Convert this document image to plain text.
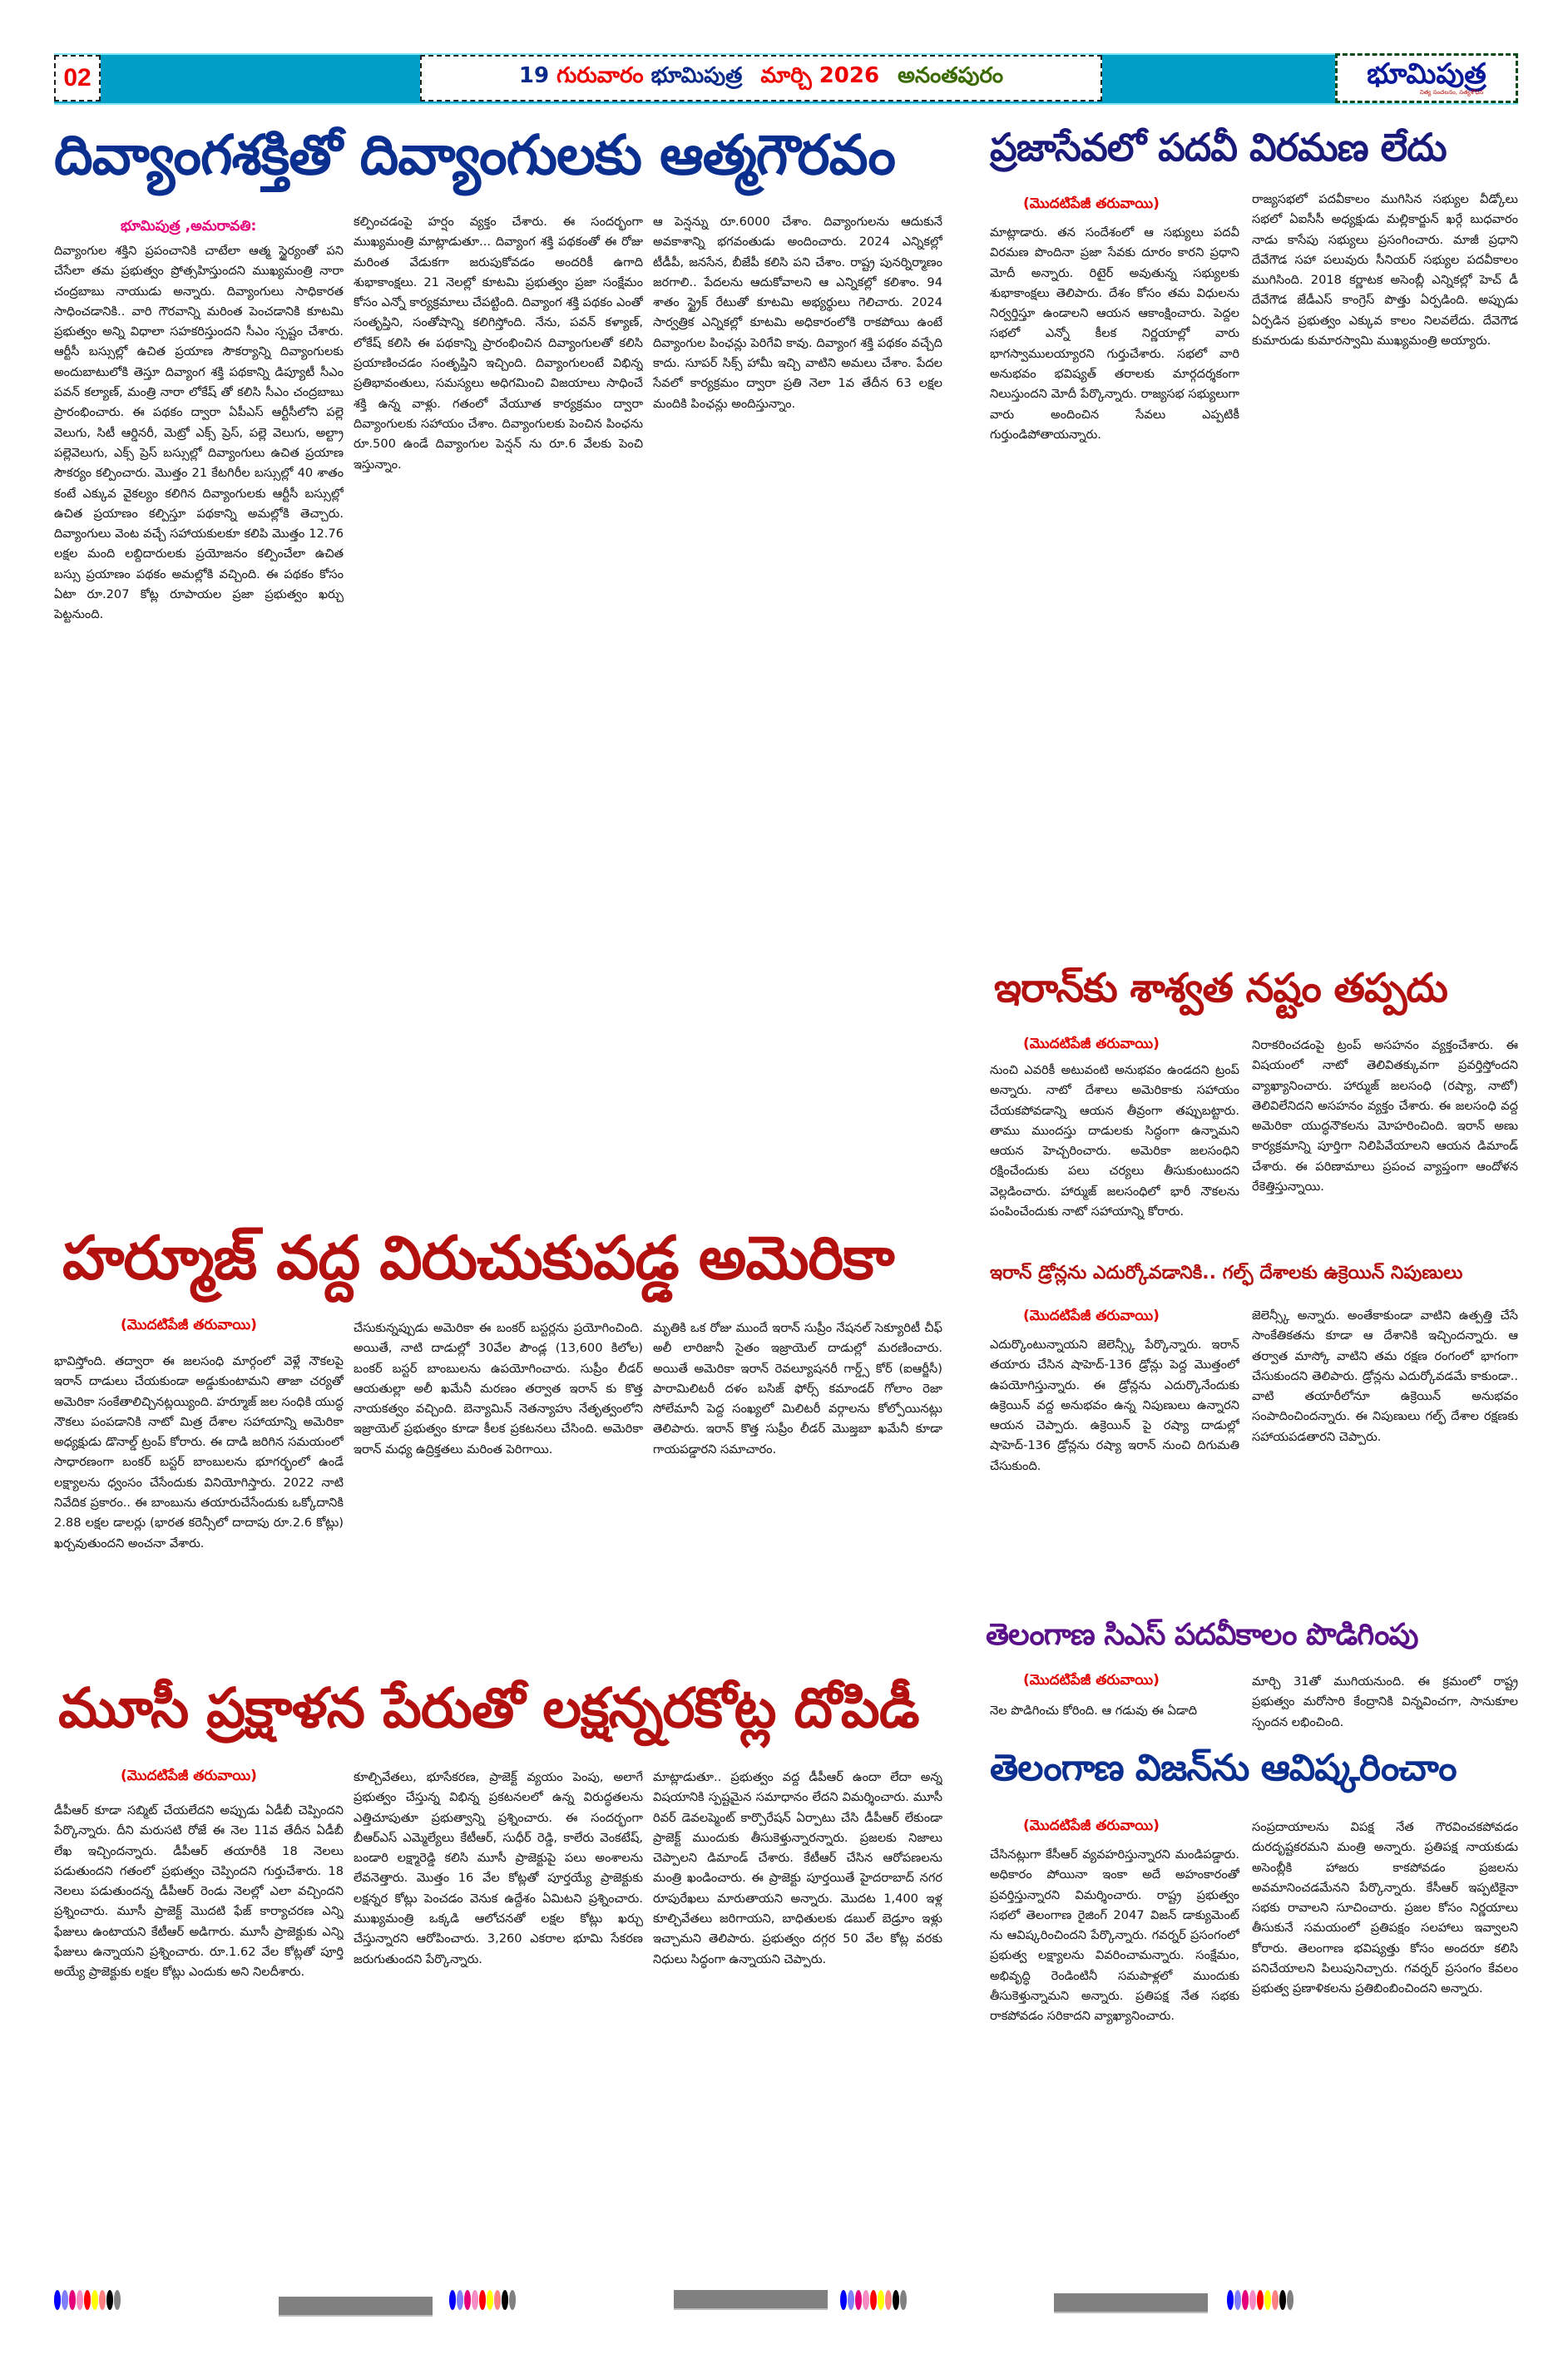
02	19 గురువారం భూమిపుత్ర మార్చి 2026 అనంతపురం	భూమిపుత్ర
నిత్య సంచలనం, సత్యశోధన
దివ్యాంగశక్తితో దివ్యాంగులకు ఆత్మగౌరవం
భూమిపుత్ర ,అమరావతి:

దివ్యాంగుల శక్తిని ప్రపంచానికి చాటేలా ఆత్మ స్థైర్యంతో పని చేసేలా తమ ప్రభుత్వం ప్రోత్సహిస్తుందని ముఖ్యమంత్రి నారా చంద్రబాబు నాయుడు అన్నారు. దివ్యాంగులు సాధికారత సాధించడానికి.. వారి గౌరవాన్ని మరింత పెంచడానికి కూటమి ప్రభుత్వం అన్ని విధాలా సహకరిస్తుందని సీఎం స్పష్టం చేశారు. ఆర్టీసీ బస్సుల్లో ఉచిత ప్రయాణ సౌకర్యాన్ని దివ్యాంగులకు అందుబాటులోకి తెస్తూ దివ్యాంగ శక్తి పథకాన్ని డిప్యూటీ సీఎం పవన్ కల్యాణ్, మంత్రి నారా లోకేష్ తో కలిసి సీఎం చంద్రబాబు ప్రారంభించారు. ఈ పథకం ద్వారా ఏపీఎస్ ఆర్టీసీలోని పల్లె వెలుగు, సిటీ ఆర్డినరీ, మెట్రో ఎక్స్ ప్రెస్, పల్లె వెలుగు, అల్ట్రా పల్లెవెలుగు, ఎక్స్ ప్రెస్ బస్సుల్లో దివ్యాంగులు ఉచిత ప్రయాణ సౌకర్యం కల్పించారు. మొత్తం 21 కేటగిరీల బస్సుల్లో 40 శాతం కంటే ఎక్కువ వైకల్యం కలిగిన దివ్యాంగులకు ఆర్టీసీ బస్సుల్లో ఉచిత ప్రయాణం కల్పిస్తూ పథకాన్ని అమల్లోకి తెచ్చారు. దివ్యాంగులు వెంట వచ్చే సహాయకులకూ కలిపి మొత్తం 12.76 లక్షల మంది లబ్దిదారులకు ప్రయోజనం కల్పించేలా ఉచిత బస్సు ప్రయాణం పథకం అమల్లోకి వచ్చింది. ఈ పథకం కోసం ఏటా రూ.207 కోట్ల రూపాయల ప్రజా ప్రభుత్వం ఖర్చు పెట్టనుంది.

కల్పించడంపై హర్షం వ్యక్తం చేశారు. ఈ సందర్భంగా ముఖ్యమంత్రి మాట్లాడుతూ... దివ్యాంగ శక్తి పథకంతో ఈ రోజు మరింత వేడుకగా జరుపుకోవడం అందరికీ ఉగాది శుభాకాంక్షలు. 21 నెలల్లో కూటమి ప్రభుత్వం ప్రజా సంక్షేమం కోసం ఎన్నో కార్యక్రమాలు చేపట్టింది. దివ్యాంగ శక్తి పథకం ఎంతో సంతృప్తిని, సంతోషాన్ని కలిగిస్తోంది. నేను, పవన్ కళ్యాణ్, లోకేష్ కలిసి ఈ పథకాన్ని ప్రారంభించిన దివ్యాంగులతో కలిసి ప్రయాణించడం సంతృప్తిని ఇచ్చింది. దివ్యాంగులంటే విభిన్న ప్రతిభావంతులు, సమస్యలు అధిగమించి విజయాలు సాధించే శక్తి ఉన్న వాళ్లు. గతంలో వేయూత కార్యక్రమం ద్వారా దివ్యాంగులకు సహాయం చేశాం. దివ్యాంగులకు పెంచిన పింఛను రూ.500 ఉండే దివ్యాంగుల పెన్షన్ ను రూ.6 వేలకు పెంచి ఇస్తున్నాం.

ఆ పెన్షన్ను రూ.6000 చేశాం. దివ్యాంగులను ఆదుకునే అవకాశాన్ని భగవంతుడు అందించారు. 2024 ఎన్నికల్లో టీడీపీ, జనసేన, బీజేపీ కలిసి పని చేశాం. రాష్ట్ర పునర్నిర్మాణం జరగాలి.. పేదలను ఆదుకోవాలని ఆ ఎన్నికల్లో కలిశాం. 94 శాతం స్ట్రైక్ రేటుతో కూటమి అభ్యర్థులు గెలిచారు. 2024 సార్వత్రిక ఎన్నికల్లో కూటమి అధికారంలోకి రాకపోయి ఉంటే దివ్యాంగుల పింఛన్లు పెరిగేవి కావు. దివ్యాంగ శక్తి పథకం వచ్చేది కాదు. సూపర్ సిక్స్ హామీ ఇచ్చి వాటిని అమలు చేశాం. పేదల సేవలో కార్యక్రమం ద్వారా ప్రతి నెలా 1వ తేదీన 63 లక్షల మందికి పింఛన్లు అందిస్తున్నాం.

ప్రజాసేవలో పదవీ విరమణ లేదు
(మొదటిపేజీ తరువాయి)

మాట్లాడారు. తన సందేశంలో ఆ సభ్యులు పదవీ విరమణ పొందినా ప్రజా సేవకు దూరం కారని ప్రధాని మోదీ అన్నారు. రిటైర్ అవుతున్న సభ్యులకు శుభాకాంక్షలు తెలిపారు. దేశం కోసం తమ విధులను నిర్వర్తిస్తూ ఉండాలని ఆయన ఆకాంక్షించారు. పెద్దల సభలో ఎన్నో కీలక నిర్ణయాల్లో వారు భాగస్వాములయ్యారని గుర్తుచేశారు. సభలో వారి అనుభవం భవిష్యత్ తరాలకు మార్గదర్శకంగా నిలుస్తుందని మోదీ పేర్కొన్నారు. రాజ్యసభ సభ్యులుగా వారు అందించిన సేవలు ఎప్పటికీ గుర్తుండిపోతాయన్నారు.

రాజ్యసభలో పదవీకాలం ముగిసిన సభ్యుల వీడ్కోలు సభలో ఏఐసీసీ అధ్యక్షుడు మల్లికార్జున్ ఖర్గే బుధవారం నాడు కాసేపు సభ్యులు ప్రసంగించారు. మాజీ ప్రధాని దేవేగౌడ సహా పలువురు సీనియర్ సభ్యుల పదవీకాలం ముగిసింది. 2018 కర్ణాటక అసెంబ్లీ ఎన్నికల్లో హెచ్ డీ దేవేగౌడ జేడీఎస్ కాంగ్రెస్ పొత్తు ఏర్పడింది. అప్పుడు ఏర్పడిన ప్రభుత్వం ఎక్కువ కాలం నిలవలేదు. దేవెగౌడ కుమారుడు కుమారస్వామి ముఖ్యమంత్రి అయ్యారు.

ఇరాన్‌కు శాశ్వత నష్టం తప్పదు
(మొదటిపేజీ తరువాయి)

నుంచి ఎవరికీ అటువంటి అనుభవం ఉండదని ట్రంప్ అన్నారు. నాటో దేశాలు అమెరికాకు సహాయం చేయకపోవడాన్ని ఆయన తీవ్రంగా తప్పుబట్టారు. తాము ముందస్తు దాడులకు సిద్ధంగా ఉన్నామని ఆయన హెచ్చరించారు. అమెరికా జలసంధిని రక్షించేందుకు పలు చర్యలు తీసుకుంటుందని వెల్లడించారు. హార్ముజ్ జలసంధిలో భారీ నౌకలను పంపించేందుకు నాటో సహాయాన్ని కోరారు.

నిరాకరించడంపై ట్రంప్ అసహనం వ్యక్తంచేశారు. ఈ విషయంలో నాటో తెలివితక్కువగా ప్రవర్తిస్తోందని వ్యాఖ్యానించారు. హార్ముజ్ జలసంధి (రష్యా, నాటో) తెలివిలేనిదని అసహనం వ్యక్తం చేశారు. ఈ జలసంధి వద్ద అమెరికా యుద్ధనౌకలను మోహరించింది. ఇరాన్ అణు కార్యక్రమాన్ని పూర్తిగా నిలిపివేయాలని ఆయన డిమాండ్ చేశారు. ఈ పరిణామాలు ప్రపంచ వ్యాప్తంగా ఆందోళన రేకెత్తిస్తున్నాయి.

ఇరాన్ డ్రోన్లను ఎదుర్కోవడానికి.. గల్ఫ్ దేశాలకు ఉక్రెయిన్ నిపుణులు
(మొదటిపేజీ తరువాయి)

ఎదుర్కొంటున్నాయని జెలెన్స్కీ పేర్కొన్నారు. ఇరాన్ తయారు చేసిన షాహెద్-136 డ్రోన్లు పెద్ద మొత్తంలో ఉపయోగిస్తున్నారు. ఈ డ్రోన్లను ఎదుర్కొనేందుకు ఉక్రెయిన్ వద్ద అనుభవం ఉన్న నిపుణులు ఉన్నారని ఆయన చెప్పారు. ఉక్రెయిన్ పై రష్యా దాడుల్లో షాహెద్-136 డ్రోన్లను రష్యా ఇరాన్ నుంచి దిగుమతి చేసుకుంది.

జెలెన్స్కీ అన్నారు. అంతేకాకుండా వాటిని ఉత్పత్తి చేసే సాంకేతికతను కూడా ఆ దేశానికి ఇచ్చిందన్నారు. ఆ తర్వాత మాస్కో వాటిని తమ రక్షణ రంగంలో భాగంగా చేసుకుందని తెలిపారు. డ్రోన్లను ఎదుర్కోవడమే కాకుండా.. వాటి తయారీలోనూ ఉక్రెయిన్ అనుభవం సంపాదించిందన్నారు. ఈ నిపుణులు గల్ఫ్ దేశాల రక్షణకు సహాయపడతారని చెప్పారు.

హర్మూజ్ వద్ద విరుచుకుపడ్డ అమెరికా
(మొదటిపేజీ తరువాయి)

భావిస్తోంది. తద్వారా ఈ జలసంధి మార్గంలో వెళ్లే నౌకలపై ఇరాన్ దాడులు చేయకుండా అడ్డుకుంటామని తాజా చర్యతో అమెరికా సంకేతాలిచ్చినట్లయ్యింది. హర్మూజ్ జల సంధికి యుద్ధ నౌకలు పంపడానికి నాటో మిత్ర దేశాల సహాయాన్ని అమెరికా అధ్యక్షుడు డొనాల్డ్ ట్రంప్ కోరారు. ఈ దాడి జరిగిన సమయంలో సాధారణంగా బంకర్ బస్టర్ బాంబులను భూగర్భంలో ఉండే లక్ష్యాలను ధ్వంసం చేసేందుకు వినియోగిస్తారు. 2022 నాటి నివేదిక ప్రకారం.. ఈ బాంబును తయారుచేసేందుకు ఒక్కోదానికి 2.88 లక్షల డాలర్లు (భారత కరెన్సీలో దాదాపు రూ.2.6 కోట్లు) ఖర్చవుతుందని అంచనా వేశారు.

చేసుకున్నప్పుడు అమెరికా ఈ బంకర్ బస్టర్లను ప్రయోగించింది. అయితే, నాటి దాడుల్లో 30వేల పౌండ్ల (13,600 కిలోల) బంకర్ బస్టర్ బాంబులను ఉపయోగించారు. సుప్రీం లీడర్ ఆయతుల్లా అలీ ఖమేనీ మరణం తర్వాత ఇరాన్ కు కొత్త నాయకత్వం వచ్చింది. బెన్యామిన్ నెతన్యాహు నేతృత్వంలోని ఇజ్రాయెల్ ప్రభుత్వం కూడా కీలక ప్రకటనలు చేసింది. అమెరికా ఇరాన్ మధ్య ఉద్రిక్తతలు మరింత పెరిగాయి.

మృతికి ఒక రోజు ముందే ఇరాన్ సుప్రీం నేషనల్ సెక్యూరిటీ చీఫ్ అలీ లారిజానీ సైతం ఇజ్రాయెల్ దాడుల్లో మరణించారు. అయితే అమెరికా ఇరాన్ రెవల్యూషనరీ గార్డ్స్ కోర్ (ఐఆర్జీసీ) పారామిలిటరీ దళం బసిజ్ ఫోర్స్ కమాండర్ గోలాం రెజా సోలేమానీ పెద్ద సంఖ్యలో మిలిటరీ వర్గాలను కోల్పోయినట్లు తెలిపారు. ఇరాన్ కొత్త సుప్రీం లీడర్ మొజ్తబా ఖమేనీ కూడా గాయపడ్డారని సమాచారం.

తెలంగాణ సిఎస్ పదవీకాలం పొడిగింపు
(మొదటిపేజీ తరువాయి)

నెల పొడిగించు కోరింది. ఆ గడువు ఈ ఏడాది

మార్చి 31తో ముగియనుంది. ఈ క్రమంలో రాష్ట్ర ప్రభుత్వం మరోసారి కేంద్రానికి విన్నవించగా, సానుకూల స్పందన లభించింది.

మూసీ ప్రక్షాళన పేరుతో లక్షన్నరకోట్ల దోపిడీ
(మొదటిపేజీ తరువాయి)

డీపీఆర్ కూడా సబ్మిట్ చేయలేదని అప్పుడు ఏడీబీ చెప్పిందని పేర్కొన్నారు. దీని మరుసటి రోజే ఈ నెల 11వ తేదీన ఏడీబీ లేఖ ఇచ్చిందన్నారు. డీపీఆర్ తయారీకి 18 నెలలు పడుతుందని గతంలో ప్రభుత్వం చెప్పిందని గుర్తుచేశారు. 18 నెలలు పడుతుందన్న డీపీఆర్ రెండు నెలల్లో ఎలా వచ్చిందని ప్రశ్నించారు. మూసీ ప్రాజెక్ట్ మొదటి ఫేజ్ కార్యాచరణ ఎన్ని ఫేజులు ఉంటాయని కేటీఆర్ అడిగారు. మూసీ ప్రాజెక్టుకు ఎన్ని ఫేజులు ఉన్నాయని ప్రశ్నించారు. రూ.1.62 వేల కోట్లతో పూర్తి అయ్యే ప్రాజెక్టుకు లక్షల కోట్లు ఎందుకు అని నిలదీశారు.

కూల్చివేతలు, భూసేకరణ, ప్రాజెక్ట్ వ్యయం పెంపు, అలాగే ప్రభుత్వం చేస్తున్న విభిన్న ప్రకటనలలో ఉన్న విరుద్ధతలను ఎత్తిచూపుతూ ప్రభుత్వాన్ని ప్రశ్నించారు. ఈ సందర్భంగా బీఆర్ఎస్ ఎమ్మెల్యేలు కేటీఆర్, సుధీర్ రెడ్డి, కాలేరు వెంకటేష్, బండారి లక్ష్మారెడ్డి కలిసి మూసీ ప్రాజెక్టుపై పలు అంశాలను లేవనెత్తారు. మొత్తం 16 వేల కోట్లతో పూర్తయ్యే ప్రాజెక్టుకు లక్షన్నర కోట్లు పెంచడం వెనుక ఉద్దేశం ఏమిటని ప్రశ్నించారు. ముఖ్యమంత్రి ఒక్కడి ఆలోచనతో లక్షల కోట్లు ఖర్చు చేస్తున్నారని ఆరోపించారు. 3,260 ఎకరాల భూమి సేకరణ జరుగుతుందని పేర్కొన్నారు.

మాట్లాడుతూ.. ప్రభుత్వం వద్ద డీపీఆర్ ఉందా లేదా అన్న విషయానికి స్పష్టమైన సమాధానం లేదని విమర్శించారు. మూసీ రివర్ డెవలప్మెంట్ కార్పొరేషన్ ఏర్పాటు చేసి డీపీఆర్ లేకుండా ప్రాజెక్ట్ ముందుకు తీసుకెళ్తున్నారన్నారు. ప్రజలకు నిజాలు చెప్పాలని డిమాండ్ చేశారు. కేటీఆర్ చేసిన ఆరోపణలను మంత్రి ఖండించారు. ఈ ప్రాజెక్టు పూర్తయితే హైదరాబాద్ నగర రూపురేఖలు మారుతాయని అన్నారు. మొదట 1,400 ఇళ్ల కూల్చివేతలు జరిగాయని, బాధితులకు డబుల్ బెడ్రూం ఇళ్లు ఇచ్చామని తెలిపారు. ప్రభుత్వం దగ్గర 50 వేల కోట్ల వరకు నిధులు సిద్ధంగా ఉన్నాయని చెప్పారు.

తెలంగాణ విజన్‌ను ఆవిష్కరించాం
(మొదటిపేజీ తరువాయి)

చేసినట్లుగా కేసీఆర్ వ్యవహరిస్తున్నారని మండిపడ్డారు. అధికారం పోయినా ఇంకా అదే అహంకారంతో ప్రవర్తిస్తున్నారని విమర్శించారు. రాష్ట్ర ప్రభుత్వం సభలో తెలంగాణ రైజింగ్ 2047 విజన్ డాక్యుమెంట్ ను ఆవిష్కరించిందని పేర్కొన్నారు. గవర్నర్ ప్రసంగంలో ప్రభుత్వ లక్ష్యాలను వివరించామన్నారు. సంక్షేమం, అభివృద్ధి రెండింటినీ సమపాళ్లలో ముందుకు తీసుకెళ్తున్నామని అన్నారు. ప్రతిపక్ష నేత సభకు రాకపోవడం సరికాదని వ్యాఖ్యానించారు.

సంప్రదాయాలను విపక్ష నేత గౌరవించకపోవడం దురదృష్టకరమని మంత్రి అన్నారు. ప్రతిపక్ష నాయకుడు అసెంబ్లీకి హాజరు కాకపోవడం ప్రజలను అవమానించడమేనని పేర్కొన్నారు. కేసీఆర్ ఇప్పటికైనా సభకు రావాలని సూచించారు. ప్రజల కోసం నిర్ణయాలు తీసుకునే సమయంలో ప్రతిపక్షం సలహాలు ఇవ్వాలని కోరారు. తెలంగాణ భవిష్యత్తు కోసం అందరూ కలిసి పనిచేయాలని పిలుపునిచ్చారు. గవర్నర్ ప్రసంగం కేవలం ప్రభుత్వ ప్రణాళికలను ప్రతిబింబించిందని అన్నారు.
